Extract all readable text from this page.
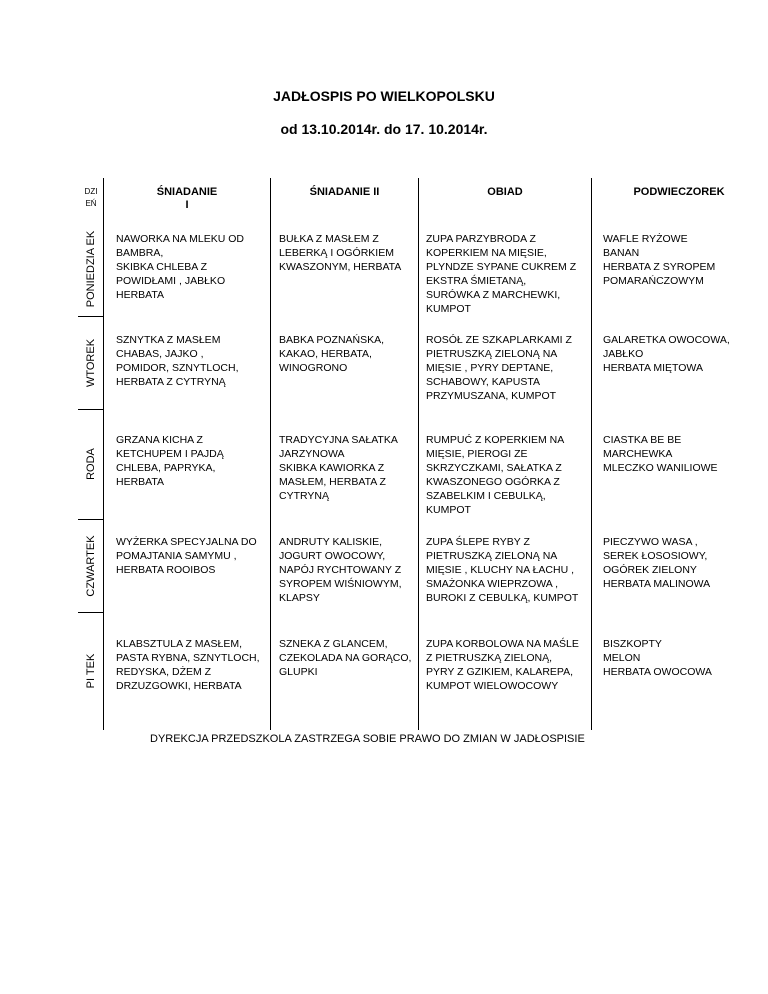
JADŁOSPIS PO WIELKOPOLSKU
od 13.10.2014r. do 17. 10.2014r.
DZI
EŃ
ŚNIADANIE
I
ŚNIADANIE II	OBIAD	PODWIECZOREK
PONIEDZIA EK
WTOREK
RODA
CZWARTEK
PI TEK
NAWORKA NA MLEKU OD
BAMBRA,
SKIBKA CHLEBA Z
POWIDŁAMI , JABŁKO
HERBATA
BUŁKA Z MASŁEM Z
LEBERKĄ I OGÓRKIEM
KWASZONYM, HERBATA
ZUPA PARZYBRODA Z
KOPERKIEM NA MIĘSIE,
PLYNDZE SYPANE CUKREM Z
EKSTRA ŚMIETANĄ,
SURÓWKA Z MARCHEWKI,
KUMPOT
WAFLE RYŻOWE
BANAN
HERBATA Z SYROPEM
POMARAŃCZOWYM
SZNYTKA Z MASŁEM
CHABAS, JAJKO ,
POMIDOR, SZNYTLOCH,
HERBATA Z CYTRYNĄ
BABKA POZNAŃSKA,
KAKAO, HERBATA,
WINOGRONO
ROSÓŁ ZE SZKAPLARKAMI Z
PIETRUSZKĄ ZIELONĄ NA
MIĘSIE , PYRY DEPTANE,
SCHABOWY, KAPUSTA
PRZYMUSZANA, KUMPOT
GALARETKA OWOCOWA,
JABŁKO
HERBATA MIĘTOWA
GRZANA KICHA Z
KETCHUPEM I PAJDĄ
CHLEBA, PAPRYKA,
HERBATA
TRADYCYJNA SAŁATKA
JARZYNOWA
SKIBKA KAWIORKA Z
MASŁEM, HERBATA Z
CYTRYNĄ
RUMPUĆ Z KOPERKIEM NA
MIĘSIE, PIEROGI ZE
SKRZYCZKAMI, SAŁATKA Z
KWASZONEGO OGÓRKA Z
SZABELKIM I CEBULKĄ,
KUMPOT
CIASTKA BE BE
MARCHEWKA
MLECZKO WANILIOWE
WYŻERKA SPECYJALNA DO
POMAJTANIA SAMYMU ,
HERBATA ROOIBOS
ANDRUTY KALISKIE,
JOGURT OWOCOWY,
NAPÓJ RYCHTOWANY Z
SYROPEM WIŚNIOWYM,
KLAPSY
ZUPA ŚLEPE RYBY Z
PIETRUSZKĄ ZIELONĄ NA
MIĘSIE , KLUCHY NA ŁACHU ,
SMAŻONKA WIEPRZOWA ,
BUROKI Z CEBULKĄ, KUMPOT
PIECZYWO WASA ,
SEREK ŁOSOSIOWY,
OGÓREK ZIELONY
HERBATA MALINOWA
KLABSZTULA Z MASŁEM,
PASTA RYBNA, SZNYTLOCH,
REDYSKA, DŻEM Z
DRZUZGOWKI, HERBATA
SZNEKA Z GLANCEM,
CZEKOLADA NA GORĄCO,
GLUPKI
ZUPA KORBOLOWA NA MAŚLE
Z PIETRUSZKĄ ZIELONĄ,
PYRY Z GZIKIEM, KALAREPA,
KUMPOT WIELOWOCOWY
BISZKOPTY
MELON
HERBATA OWOCOWA
DYREKCJA PRZEDSZKOLA ZASTRZEGA SOBIE PRAWO DO ZMIAN W JADŁOSPISIE
